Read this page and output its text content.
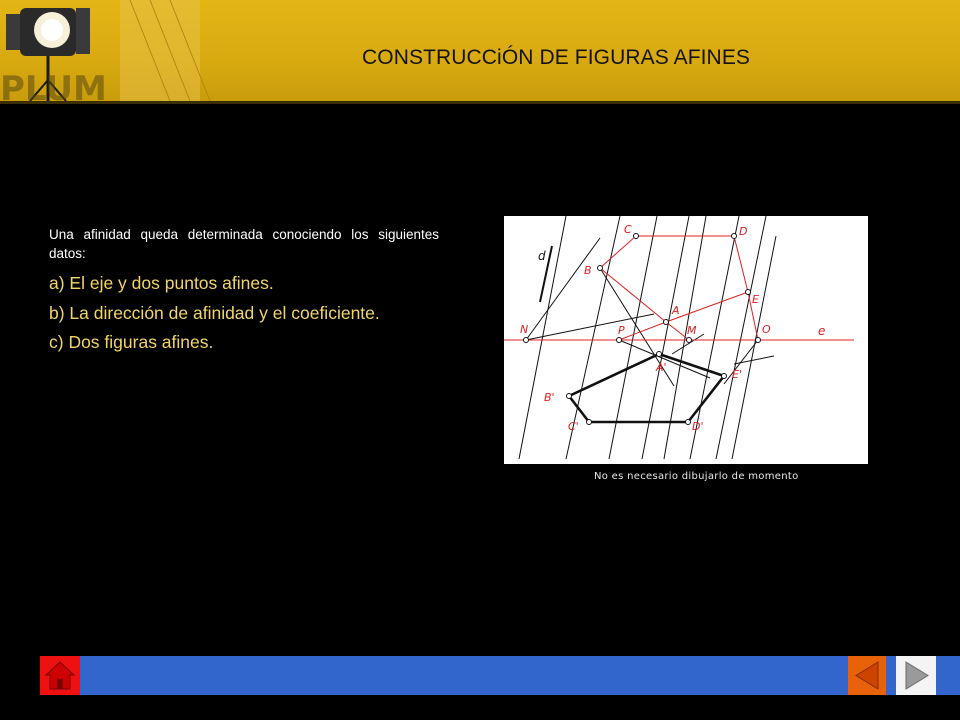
PLUM
CONSTRUCCiÓN DE FIGURAS AFINES

Una afinidad queda determinada conociendo los siguientes datos:

a) El eje y dos puntos afines.

b) La dirección de afinidad y el coeficiente.

c) Dos figuras afines.

d
e
C	D
B
E
A
N	P	M	O
A'
E'
B'
C'	D'
No es necesario dibujarlo de momento
